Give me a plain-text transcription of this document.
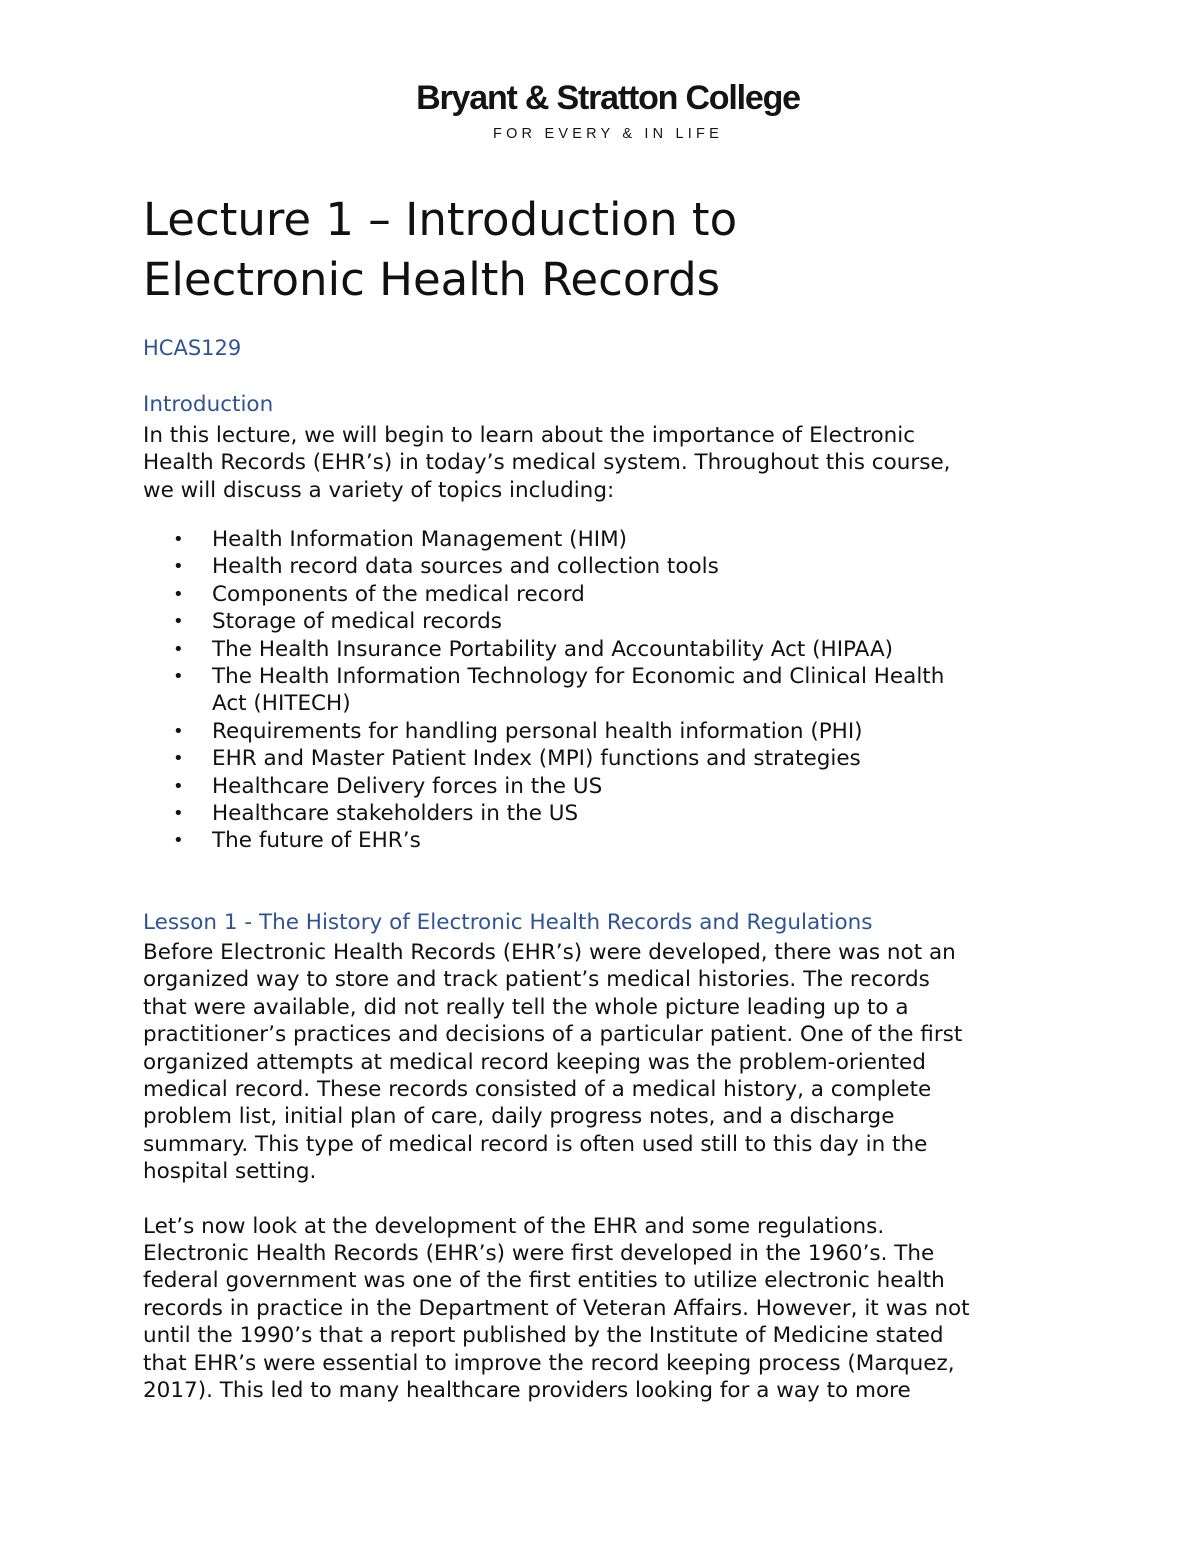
Bryant & Stratton College
FOR EVERY & IN LIFE
Lecture 1 – Introduction to
Electronic Health Records
HCAS129
Introduction

In this lecture, we will begin to learn about the importance of Electronic
Health Records (EHR’s) in today’s medical system. Throughout this course,
we will discuss a variety of topics including:

•	Health Information Management (HIM)
•	Health record data sources and collection tools
•	Components of the medical record
•	Storage of medical records
•	The Health Insurance Portability and Accountability Act (HIPAA)
•	The Health Information Technology for Economic and Clinical Health
Act (HITECH)
•	Requirements for handling personal health information (PHI)
•	EHR and Master Patient Index (MPI) functions and strategies
•	Healthcare Delivery forces in the US
•	Healthcare stakeholders in the US
•	The future of EHR’s
Lesson 1 - The History of Electronic Health Records and Regulations

Before Electronic Health Records (EHR’s) were developed, there was not an
organized way to store and track patient’s medical histories. The records
that were available, did not really tell the whole picture leading up to a
practitioner’s practices and decisions of a particular patient. One of the first
organized attempts at medical record keeping was the problem-oriented
medical record. These records consisted of a medical history, a complete
problem list, initial plan of care, daily progress notes, and a discharge
summary. This type of medical record is often used still to this day in the
hospital setting.

Let’s now look at the development of the EHR and some regulations.
Electronic Health Records (EHR’s) were first developed in the 1960’s. The
federal government was one of the first entities to utilize electronic health
records in practice in the Department of Veteran Affairs. However, it was not
until the 1990’s that a report published by the Institute of Medicine stated
that EHR’s were essential to improve the record keeping process (Marquez,
2017). This led to many healthcare providers looking for a way to more
